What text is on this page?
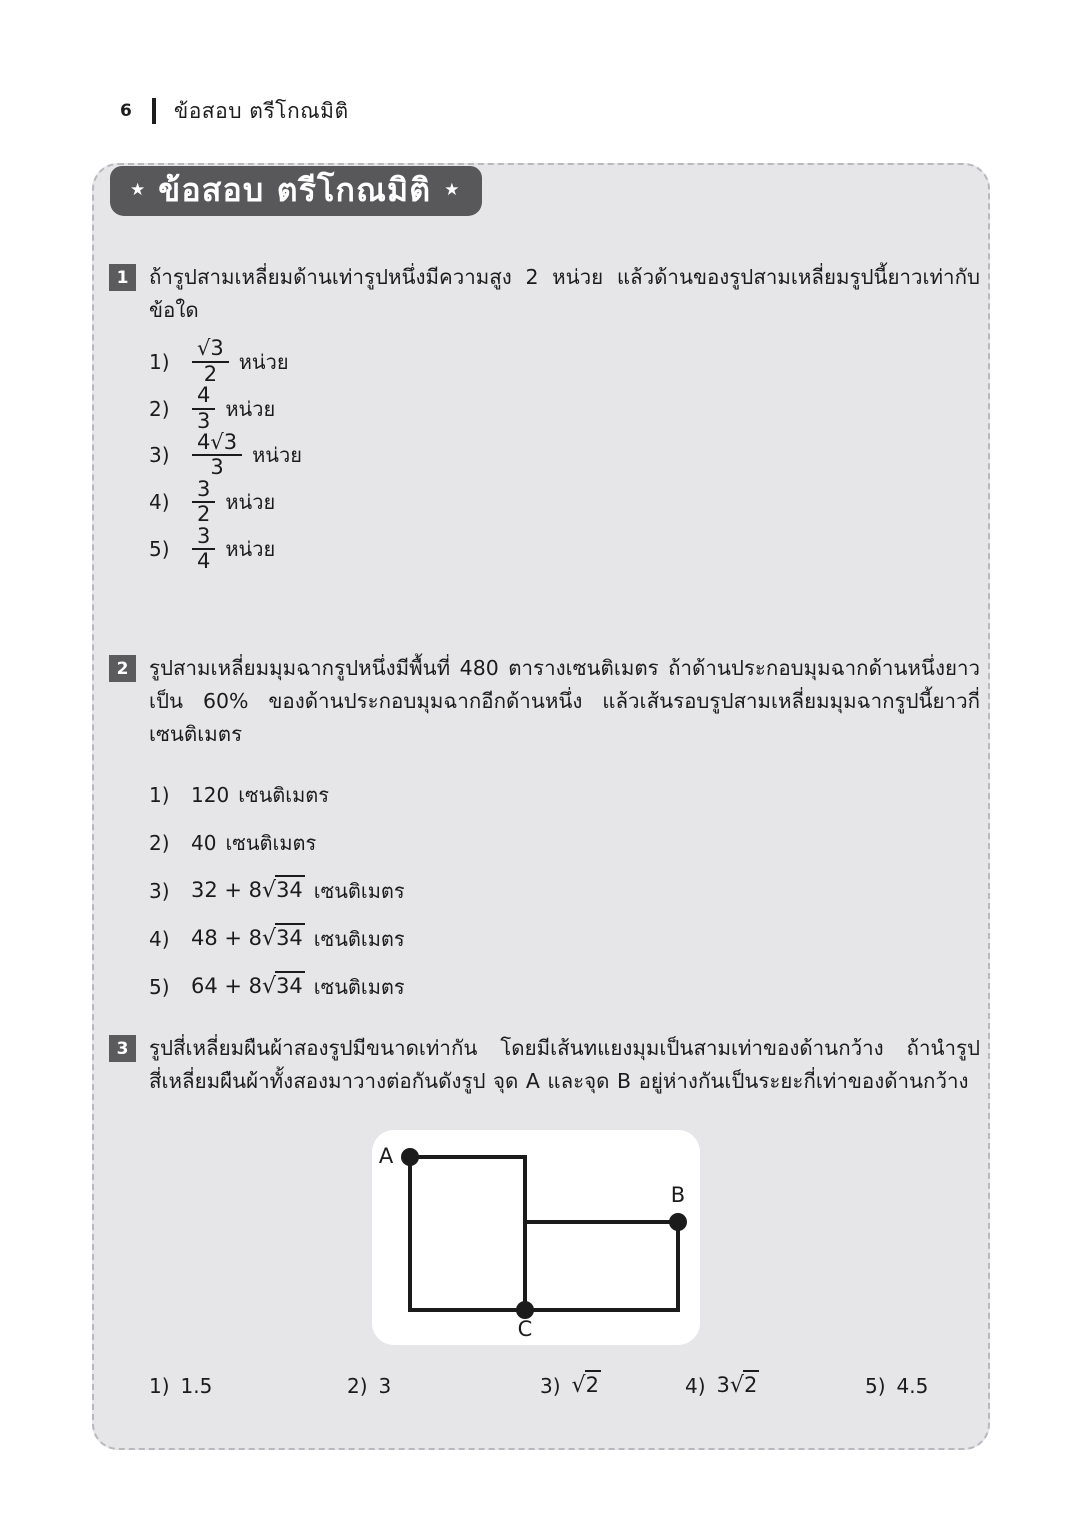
6 ข้อสอบ ตรีโกณมิติ
★ ข้อสอบ ตรีโกณมิติ ★
1	ถ้ารูปสามเหลี่ยมด้านเท่ารูปหนึ่งมีความสูง 2 หน่วย แล้วด้านของรูปสามเหลี่ยมรูปนี้ยาวเท่ากับข้อใด
1)	$\frac{√3}{2}$ หน่วย
2)	$\frac{4}{3}$ หน่วย
3)	$\frac{4√3}{3}$ หน่วย
4)	$\frac{3}{2}$ หน่วย
5)	$\frac{3}{4}$ หน่วย
2	รูปสามเหลี่ยมมุมฉากรูปหนึ่งมีพื้นที่ 480 ตารางเซนติเมตร ถ้าด้านประกอบมุมฉากด้านหนึ่งยาวเป็น 60% ของด้านประกอบมุมฉากอีกด้านหนึ่ง แล้วเส้นรอบรูปสามเหลี่ยมมุมฉากรูปนี้ยาวกี่เซนติเมตร
1)	120 เซนติเมตร
2)	40 เซนติเมตร
3)	32 + 8√34 เซนติเมตร
4)	48 + 8√34 เซนติเมตร
5)	64 + 8√34 เซนติเมตร
3	รูปสี่เหลี่ยมผืนผ้าสองรูปมีขนาดเท่ากัน โดยมีเส้นทแยงมุมเป็นสามเท่าของด้านกว้าง ถ้านำรูปสี่เหลี่ยมผืนผ้าทั้งสองมาวางต่อกันดังรูป จุด A และจุด B อยู่ห่างกันเป็นระยะกี่เท่าของด้านกว้าง
1) 1.5	2) 3	3) √2	4) 3√2	5) 4.5
A
B
C
